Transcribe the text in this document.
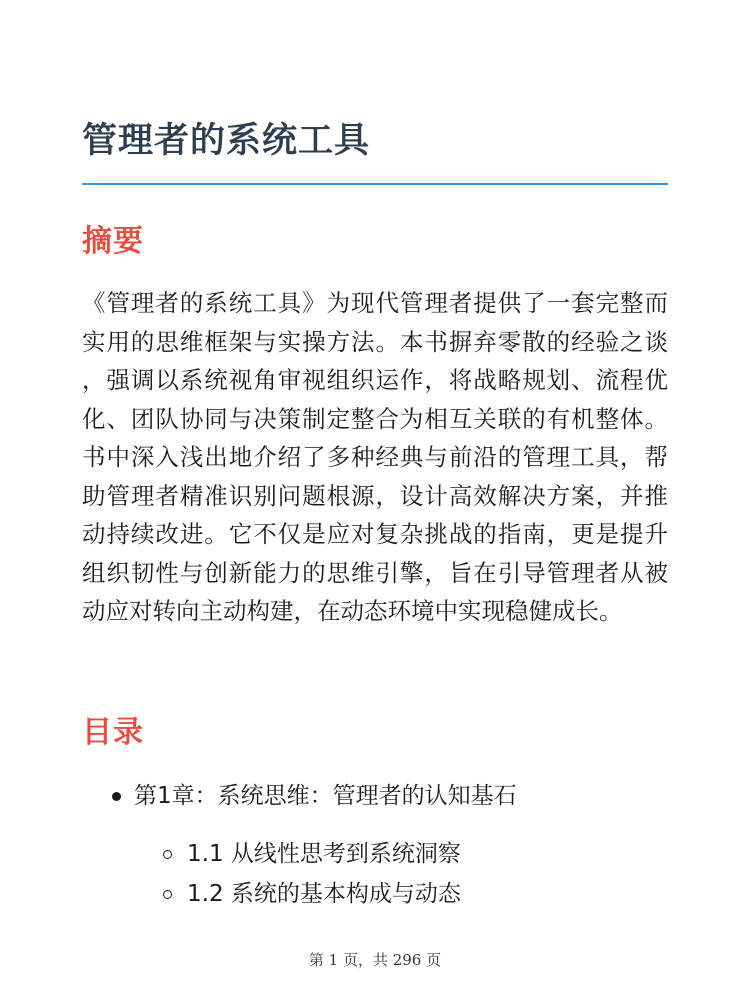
管理者的系统工具
摘要

《管理者的系统工具》为现代管理者提供了一套完整而实用的思维框架与实操方法。本书摒弃零散的经验之谈，强调以系统视角审视组织运作，将战略规划、流程优化、团队协同与决策制定整合为相互关联的有机整体。书中深入浅出地介绍了多种经典与前沿的管理工具，帮助管理者精准识别问题根源，设计高效解决方案，并推动持续改进。它不仅是应对复杂挑战的指南，更是提升组织韧性与创新能力的思维引擎，旨在引导管理者从被动应对转向主动构建，在动态环境中实现稳健成长。

目录
第1章：系统思维：管理者的认知基石
1.1 从线性思考到系统洞察
1.2 系统的基本构成与动态
第 1 页，共 296 页
